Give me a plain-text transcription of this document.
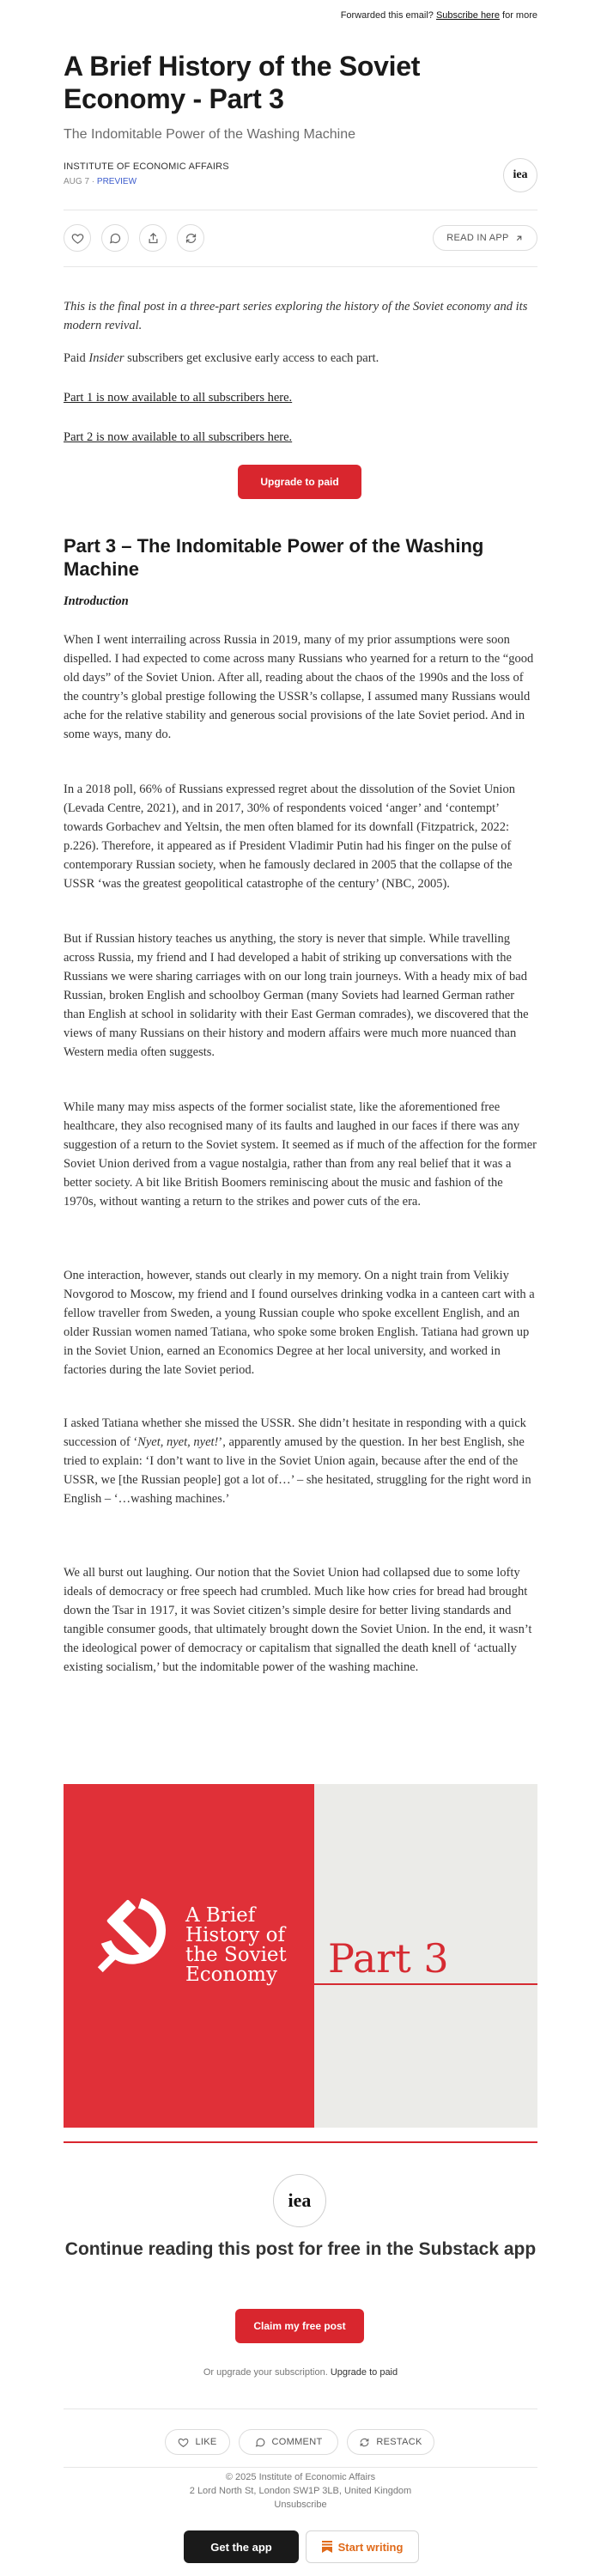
Forwarded this email? Subscribe here for more
A Brief History of the Soviet Economy - Part 3
The Indomitable Power of the Washing Machine
INSTITUTE OF ECONOMIC AFFAIRS
AUG 7 · PREVIEW
iea
READ IN APP

This is the final post in a three-part series exploring the history of the Soviet economy and its modern revival.

Paid Insider subscribers get exclusive early access to each part.

Part 1 is now available to all subscribers here.

Part 2 is now available to all subscribers here.

Upgrade to paid
Part 3 – The Indomitable Power of the Washing Machine
Introduction

When I went interrailing across Russia in 2019, many of my prior assumptions were soon dispelled. I had expected to come across many Russians who yearned for a return to the “good old days” of the Soviet Union. After all, reading about the chaos of the 1990s and the loss of the country’s global prestige following the USSR’s collapse, I assumed many Russians would ache for the relative stability and generous social provisions of the late Soviet period. And in some ways, many do.

In a 2018 poll, 66% of Russians expressed regret about the dissolution of the Soviet Union (Levada Centre, 2021), and in 2017, 30% of respondents voiced ‘anger’ and ‘contempt’ towards Gorbachev and Yeltsin, the men often blamed for its downfall (Fitzpatrick, 2022: p.226). Therefore, it appeared as if President Vladimir Putin had his finger on the pulse of contemporary Russian society, when he famously declared in 2005 that the collapse of the USSR ‘was the greatest geopolitical catastrophe of the century’ (NBC, 2005).

But if Russian history teaches us anything, the story is never that simple. While travelling across Russia, my friend and I had developed a habit of striking up conversations with the Russians we were sharing carriages with on our long train journeys. With a heady mix of bad Russian, broken English and schoolboy German (many Soviets had learned German rather than English at school in solidarity with their East German comrades), we discovered that the views of many Russians on their history and modern affairs were much more nuanced than Western media often suggests.

While many may miss aspects of the former socialist state, like the aforementioned free healthcare, they also recognised many of its faults and laughed in our faces if there was any suggestion of a return to the Soviet system. It seemed as if much of the affection for the former Soviet Union derived from a vague nostalgia, rather than from any real belief that it was a better society. A bit like British Boomers reminiscing about the music and fashion of the 1970s, without wanting a return to the strikes and power cuts of the era.

One interaction, however, stands out clearly in my memory. On a night train from Velikiy Novgorod to Moscow, my friend and I found ourselves drinking vodka in a canteen cart with a fellow traveller from Sweden, a young Russian couple who spoke excellent English, and an older Russian women named Tatiana, who spoke some broken English. Tatiana had grown up in the Soviet Union, earned an Economics Degree at her local university, and worked in factories during the late Soviet period.

I asked Tatiana whether she missed the USSR. She didn’t hesitate in responding with a quick succession of ‘Nyet, nyet, nyet!’, apparently amused by the question. In her best English, she tried to explain: ‘I don’t want to live in the Soviet Union again, because after the end of the USSR, we [the Russian people] got a lot of…’ – she hesitated, struggling for the right word in English – ‘…washing machines.’

We all burst out laughing. Our notion that the Soviet Union had collapsed due to some lofty ideals of democracy or free speech had crumbled. Much like how cries for bread had brought down the Tsar in 1917, it was Soviet citizen’s simple desire for better living standards and tangible consumer goods, that ultimately brought down the Soviet Union. In the end, it wasn’t the ideological power of democracy or capitalism that signalled the death knell of ‘actually existing socialism,’ but the indomitable power of the washing machine.

A Brief
History of
the Soviet
Economy	Part 3
iea
Continue reading this post for free in the Substack app
Claim my free post
Or upgrade your subscription. Upgrade to paid
LIKE	COMMENT	RESTACK
© 2025 Institute of Economic Affairs
2 Lord North St, London SW1P 3LB, United Kingdom
Unsubscribe
Get the app	Start writing
